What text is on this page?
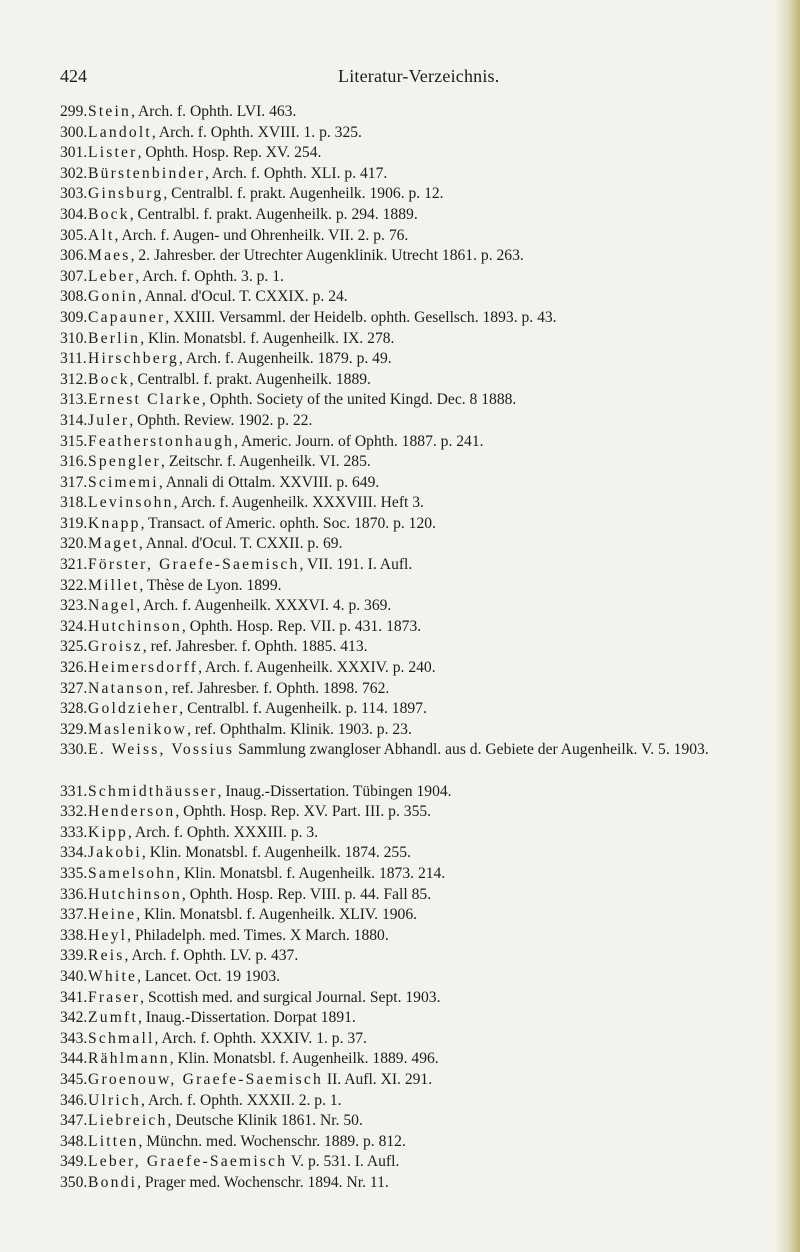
424	Literatur-Verzeichnis.
299. Stein, Arch. f. Ophth. LVI. 463.
300. Landolt, Arch. f. Ophth. XVIII. 1. p. 325.
301. Lister, Ophth. Hosp. Rep. XV. 254.
302. Bürstenbinder, Arch. f. Ophth. XLI. p. 417.
303. Ginsburg, Centralbl. f. prakt. Augenheilk. 1906. p. 12.
304. Bock, Centralbl. f. prakt. Augenheilk. p. 294. 1889.
305. Alt, Arch. f. Augen- und Ohrenheilk. VII. 2. p. 76.
306. Maes, 2. Jahresber. der Utrechter Augenklinik. Utrecht 1861. p. 263.
307. Leber, Arch. f. Ophth. 3. p. 1.
308. Gonin, Annal. d'Ocul. T. CXXIX. p. 24.
309. Capauner, XXIII. Versamml. der Heidelb. ophth. Gesellsch. 1893. p. 43.
310. Berlin, Klin. Monatsbl. f. Augenheilk. IX. 278.
311. Hirschberg, Arch. f. Augenheilk. 1879. p. 49.
312. Bock, Centralbl. f. prakt. Augenheilk. 1889.
313. Ernest Clarke, Ophth. Society of the united Kingd. Dec. 8 1888.
314. Juler, Ophth. Review. 1902. p. 22.
315. Featherstonhaugh, Americ. Journ. of Ophth. 1887. p. 241.
316. Spengler, Zeitschr. f. Augenheilk. VI. 285.
317. Scimemi, Annali di Ottalm. XXVIII. p. 649.
318. Levinsohn, Arch. f. Augenheilk. XXXVIII. Heft 3.
319. Knapp, Transact. of Americ. ophth. Soc. 1870. p. 120.
320. Maget, Annal. d'Ocul. T. CXXII. p. 69.
321. Förster, Graefe-Saemisch, VII. 191. I. Aufl.
322. Millet, Thèse de Lyon. 1899.
323. Nagel, Arch. f. Augenheilk. XXXVI. 4. p. 369.
324. Hutchinson, Ophth. Hosp. Rep. VII. p. 431. 1873.
325. Groisz, ref. Jahresber. f. Ophth. 1885. 413.
326. Heimersdorff, Arch. f. Augenheilk. XXXIV. p. 240.
327. Natanson, ref. Jahresber. f. Ophth. 1898. 762.
328. Goldzieher, Centralbl. f. Augenheilk. p. 114. 1897.
329. Maslenikow, ref. Ophthalm. Klinik. 1903. p. 23.
330. E. Weiss, Vossius Sammlung zwangloser Abhandl. aus d. Gebiete der Augenheilk. V. 5. 1903.
331. Schmidthäusser, Inaug.-Dissertation. Tübingen 1904.
332. Henderson, Ophth. Hosp. Rep. XV. Part. III. p. 355.
333. Kipp, Arch. f. Ophth. XXXIII. p. 3.
334. Jakobi, Klin. Monatsbl. f. Augenheilk. 1874. 255.
335. Samelsohn, Klin. Monatsbl. f. Augenheilk. 1873. 214.
336. Hutchinson, Ophth. Hosp. Rep. VIII. p. 44. Fall 85.
337. Heine, Klin. Monatsbl. f. Augenheilk. XLIV. 1906.
338. Heyl, Philadelph. med. Times. X March. 1880.
339. Reis, Arch. f. Ophth. LV. p. 437.
340. White, Lancet. Oct. 19 1903.
341. Fraser, Scottish med. and surgical Journal. Sept. 1903.
342. Zumft, Inaug.-Dissertation. Dorpat 1891.
343. Schmall, Arch. f. Ophth. XXXIV. 1. p. 37.
344. Rählmann, Klin. Monatsbl. f. Augenheilk. 1889. 496.
345. Groenouw, Graefe-Saemisch II. Aufl. XI. 291.
346. Ulrich, Arch. f. Ophth. XXXII. 2. p. 1.
347. Liebreich, Deutsche Klinik 1861. Nr. 50.
348. Litten, Münchn. med. Wochenschr. 1889. p. 812.
349. Leber, Graefe-Saemisch V. p. 531. I. Aufl.
350. Bondi, Prager med. Wochenschr. 1894. Nr. 11.
